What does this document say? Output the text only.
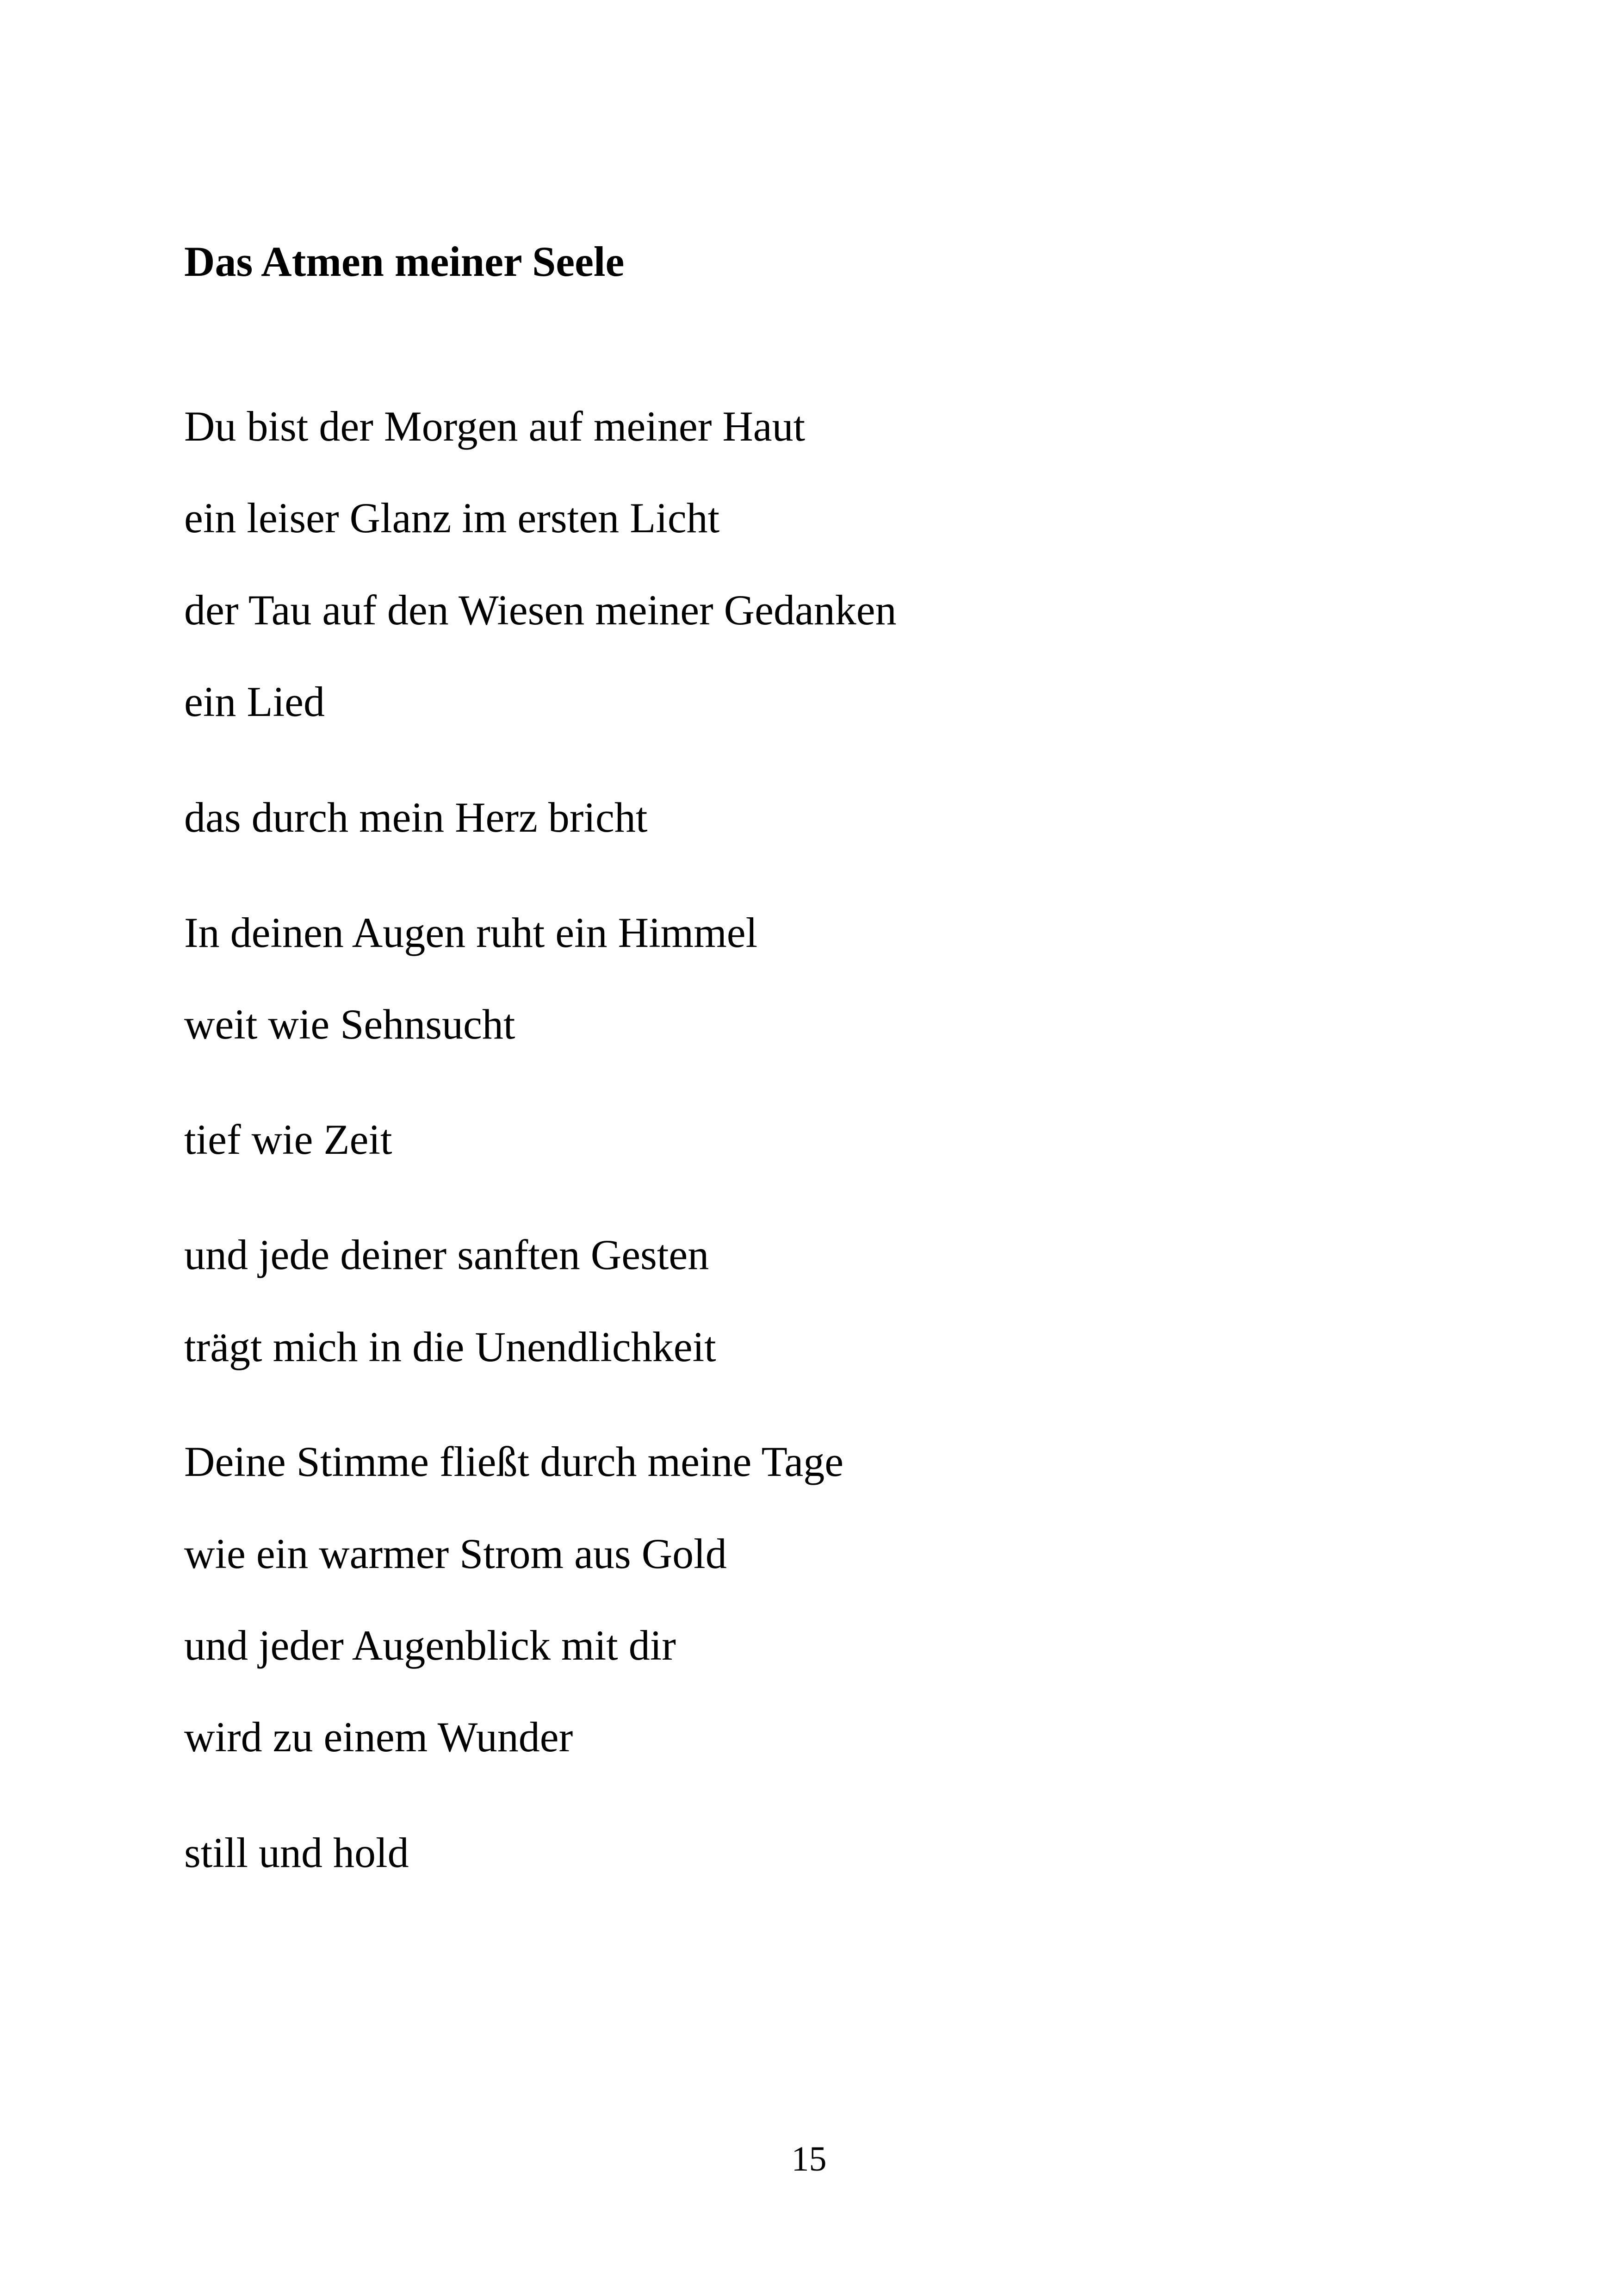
Das Atmen meiner Seele
Du bist der Morgen auf meiner Haut
ein leiser Glanz im ersten Licht
der Tau auf den Wiesen meiner Gedanken
ein Lied
das durch mein Herz bricht
In deinen Augen ruht ein Himmel
weit wie Sehnsucht
tief wie Zeit
und jede deiner sanften Gesten
trägt mich in die Unendlichkeit
Deine Stimme fließt durch meine Tage
wie ein warmer Strom aus Gold
und jeder Augenblick mit dir
wird zu einem Wunder
still und hold
15
